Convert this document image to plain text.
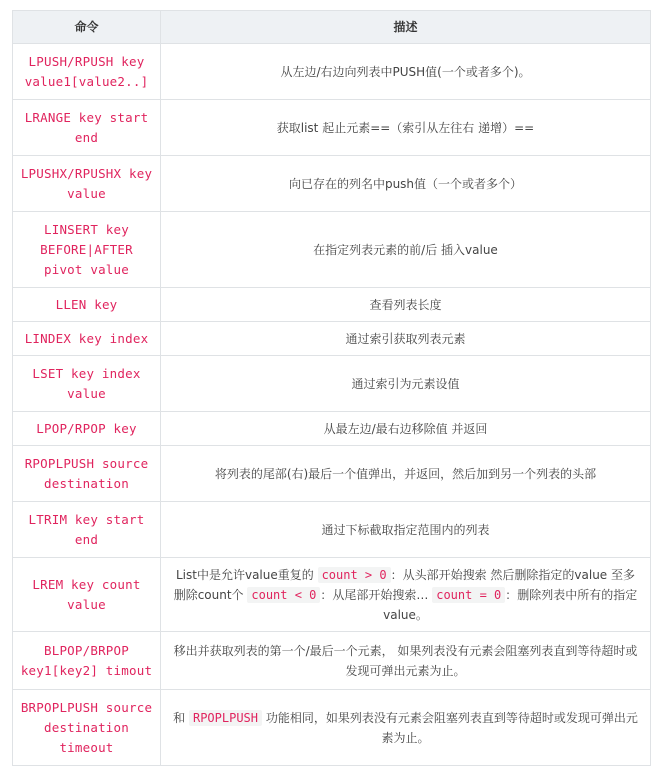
命令	描述
LPUSH/RPUSH key value1[value2..]	从左边/右边向列表中PUSH值(一个或者多个)。
LRANGE key start end	获取list 起止元素==（索引从左往右 递增）==
LPUSHX/RPUSHX key value	向已存在的列名中push值（一个或者多个）
LINSERT key BEFORE|AFTER pivot value	在指定列表元素的前/后 插入value
LLEN key	查看列表长度
LINDEX key index	通过索引获取列表元素
LSET key index value	通过索引为元素设值
LPOP/RPOP key	从最左边/最右边移除值 并返回
RPOPLPUSH source destination	将列表的尾部(右)最后一个值弹出，并返回，然后加到另一个列表的头部
LTRIM key start end	通过下标截取指定范围内的列表
LREM key count value	List中是允许value重复的 count > 0 ：从头部开始搜索 然后删除指定的value 至多删除count个 count < 0 ：从尾部开始搜索… count = 0 ：删除列表中所有的指定value。
BLPOP/BRPOP key1[key2] timout	移出并获取列表的第一个/最后一个元素， 如果列表没有元素会阻塞列表直到等待超时或发现可弹出元素为止。
BRPOPLPUSH source destination timeout	和 RPOPLPUSH 功能相同，如果列表没有元素会阻塞列表直到等待超时或发现可弹出元素为止。
